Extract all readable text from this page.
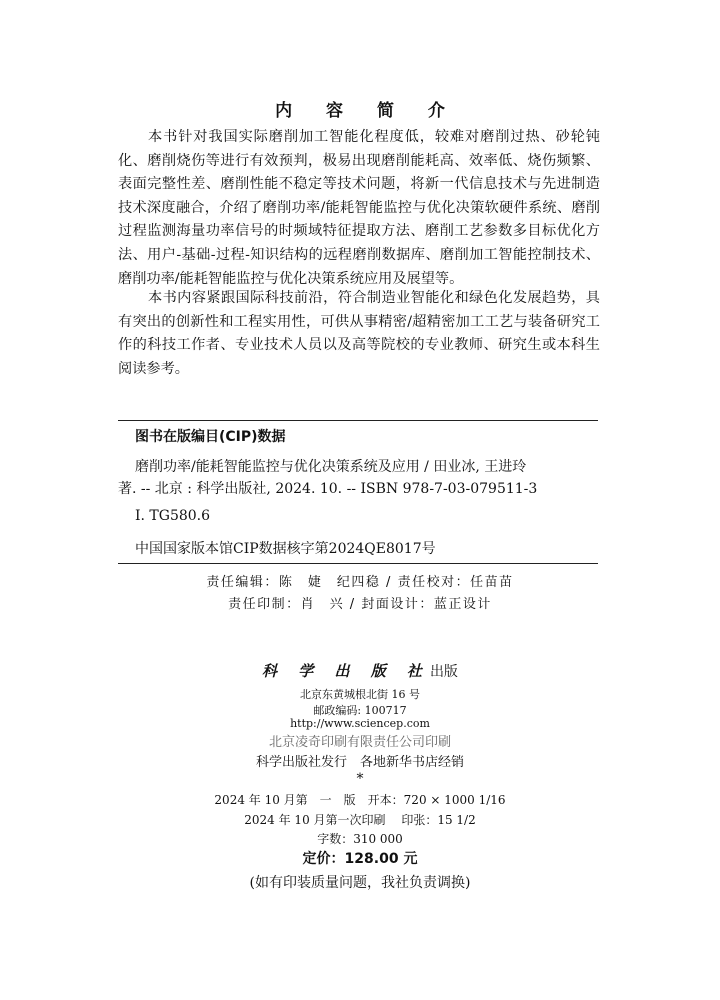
内 容 简 介

本书针对我国实际磨削加工智能化程度低，较难对磨削过热、砂轮钝化、磨削烧伤等进行有效预判，极易出现磨削能耗高、效率低、烧伤频繁、表面完整性差、磨削性能不稳定等技术问题，将新一代信息技术与先进制造技术深度融合，介绍了磨削功率/能耗智能监控与优化决策软硬件系统、磨削过程监测海量功率信号的时频域特征提取方法、磨削工艺参数多目标优化方法、用户-基础-过程-知识结构的远程磨削数据库、磨削加工智能控制技术、磨削功率/能耗智能监控与优化决策系统应用及展望等。

本书内容紧跟国际科技前沿，符合制造业智能化和绿色化发展趋势，具有突出的创新性和工程实用性，可供从事精密/超精密加工工艺与装备研究工作的科技工作者、专业技术人员以及高等院校的专业教师、研究生或本科生阅读参考。

图书在版编目(CIP)数据
磨削功率/能耗智能监控与优化决策系统及应用 / 田业冰, 王进玲
著. -- 北京 : 科学出版社, 2024. 10. -- ISBN 978-7-03-079511-3
Ⅰ. TG580.6
中国国家版本馆CIP数据核字第2024QE8017号
责任编辑：陈　婕　纪四稳 / 责任校对：任苗苗
责任印制：肖　兴 / 封面设计：蓝正设计
科 学 出 版 社出版
北京东黄城根北街 16 号
邮政编码: 100717
http://www.sciencep.com
北京凌奇印刷有限责任公司印刷
科学出版社发行　各地新华书店经销
*
2024 年 10 月第　一　版　开本：720 × 1000 1/16
2024 年 10 月第一次印刷　 印张：15 1/2
字数：310 000
定价：128.00 元
(如有印装质量问题，我社负责调换)
